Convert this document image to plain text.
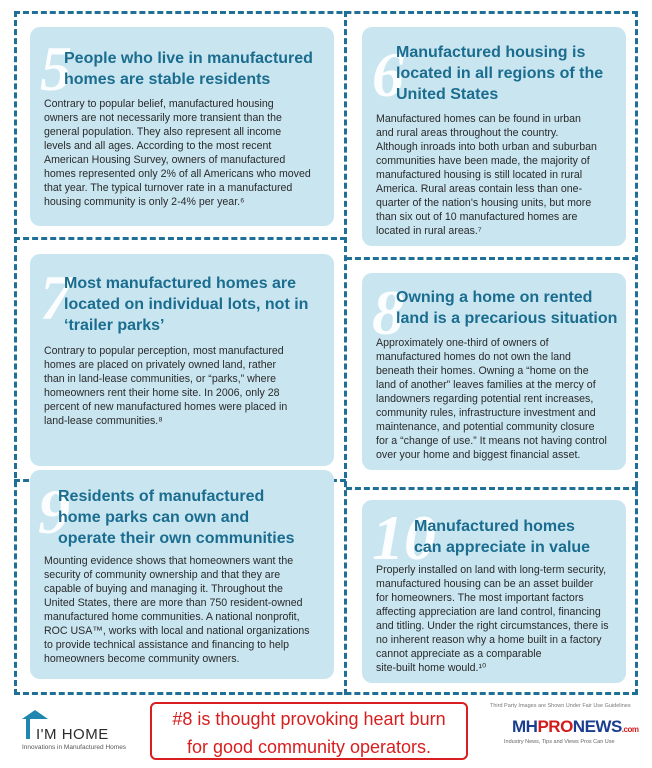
5
People who live in manufactured
homes are stable residents
Contrary to popular belief, manufactured housing
owners are not necessarily more transient than the
general population. They also represent all income
levels and all ages. According to the most recent
American Housing Survey, owners of manufactured
homes represented only 2% of all Americans who moved
that year. The typical turnover rate in a manufactured
housing community is only 2-4% per year.⁶
6
Manufactured housing is
located in all regions of the
United States
Manufactured homes can be found in urban
and rural areas throughout the country.
Although inroads into both urban and suburban
communities have been made, the majority of
manufactured housing is still located in rural
America. Rural areas contain less than one-
quarter of the nation's housing units, but more
than six out of 10 manufactured homes are
located in rural areas.⁷
7
Most manufactured homes are
located on individual lots, not in
‘trailer parks’
Contrary to popular perception, most manufactured
homes are placed on privately owned land, rather
than in land-lease communities, or “parks,” where
homeowners rent their home site. In 2006, only 28
percent of new manufactured homes were placed in
land-lease communities.⁸
8
Owning a home on rented
land is a precarious situation
Approximately one-third of owners of
manufactured homes do not own the land
beneath their homes. Owning a “home on the
land of another” leaves families at the mercy of
landowners regarding potential rent increases,
community rules, infrastructure investment and
maintenance, and potential community closure
for a “change of use.” It means not having control
over your home and biggest financial asset.
9
Residents of manufactured
home parks can own and
operate their own communities
Mounting evidence shows that homeowners want the
security of community ownership and that they are
capable of buying and managing it. Throughout the
United States, there are more than 750 resident-owned
manufactured home communities. A national nonprofit,
ROC USA™, works with local and national organizations
to provide technical assistance and financing to help
homeowners become community owners.
10
Manufactured homes
can appreciate in value
Properly installed on land with long-term security,
manufactured housing can be an asset builder
for homeowners. The most important factors
affecting appreciation are land control, financing
and titling. Under the right circumstances, there is
no inherent reason why a home built in a factory
cannot appreciate as a comparable
site-built home would.¹⁰
I'M HOME
Innovations in Manufactured Homes
#8 is thought provoking heart burn
for good community operators.
Third Party Images are Shown Under Fair Use Guidelines
MHPRONEWS.com
Industry News, Tips and Views Pros Can Use
